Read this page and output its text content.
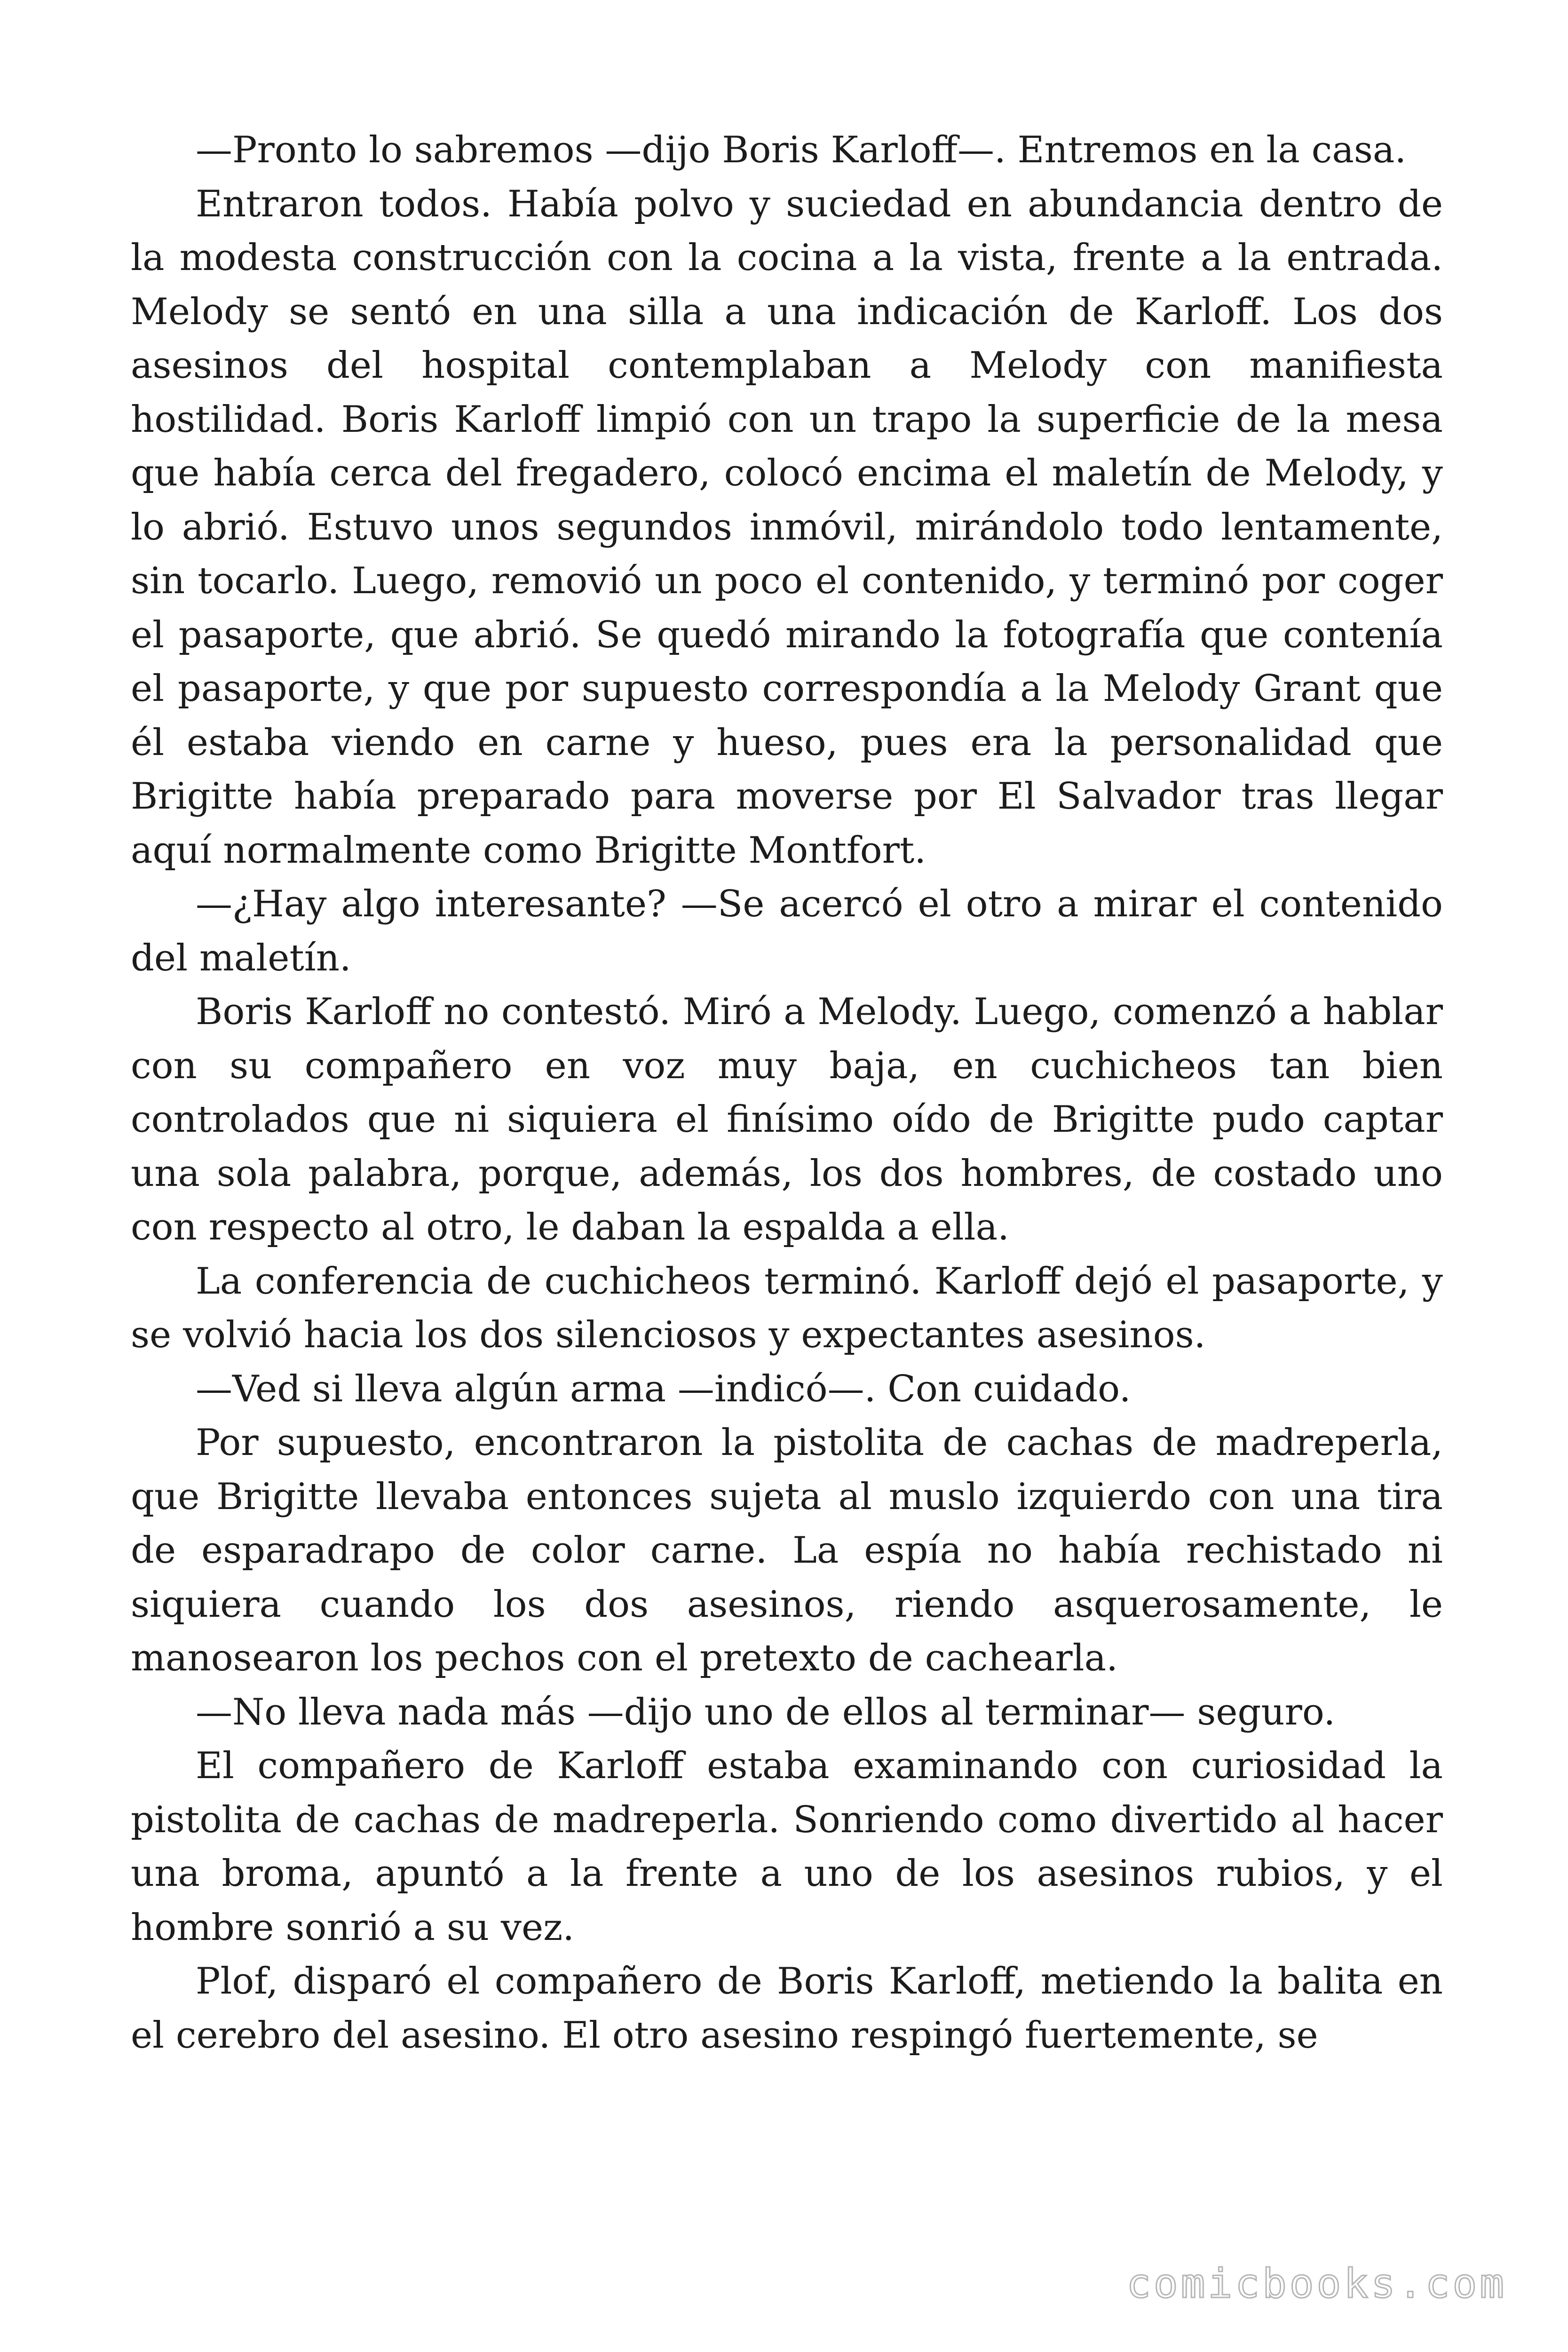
—Pronto lo sabremos —dijo Boris Karloff—. Entremos en la casa.

Entraron todos. Había polvo y suciedad en abundancia dentro de la modesta construcción con la cocina a la vista, frente a la entrada. Melody se sentó en una silla a una indicación de Karloff. Los dos asesinos del hospital contemplaban a Melody con manifiesta hostilidad. Boris Karloff limpió con un trapo la superficie de la mesa que había cerca del fregadero, colocó encima el maletín de Melody, y lo abrió. Estuvo unos segundos inmóvil, mirándolo todo lentamente, sin tocarlo. Luego, removió un poco el contenido, y terminó por coger el pasaporte, que abrió. Se quedó mirando la fotografía que contenía el pasaporte, y que por supuesto correspondía a la Melody Grant que él estaba viendo en carne y hueso, pues era la personalidad que Brigitte había preparado para moverse por El Salvador tras llegar aquí normalmente como Brigitte Montfort.

—¿Hay algo interesante? —Se acercó el otro a mirar el contenido del maletín.

Boris Karloff no contestó. Miró a Melody. Luego, comenzó a hablar con su compañero en voz muy baja, en cuchicheos tan bien controlados que ni siquiera el finísimo oído de Brigitte pudo captar una sola palabra, porque, además, los dos hombres, de costado uno con respecto al otro, le daban la espalda a ella.

La conferencia de cuchicheos terminó. Karloff dejó el pasaporte, y se volvió hacia los dos silenciosos y expectantes asesinos.

—Ved si lleva algún arma —indicó—. Con cuidado.

Por supuesto, encontraron la pistolita de cachas de madreperla, que Brigitte llevaba entonces sujeta al muslo izquierdo con una tira de esparadrapo de color carne. La espía no había rechistado ni siquiera cuando los dos asesinos, riendo asquerosamente, le manosearon los pechos con el pretexto de cachearla.

—No lleva nada más —dijo uno de ellos al terminar— seguro.

El compañero de Karloff estaba examinando con curiosidad la pistolita de cachas de madreperla. Sonriendo como divertido al hacer una broma, apuntó a la frente a uno de los asesinos rubios, y el hombre sonrió a su vez.

Plof, disparó el compañero de Boris Karloff, metiendo la balita en el cerebro del asesino. El otro asesino respingó fuertemente, se

comicbooks.com
